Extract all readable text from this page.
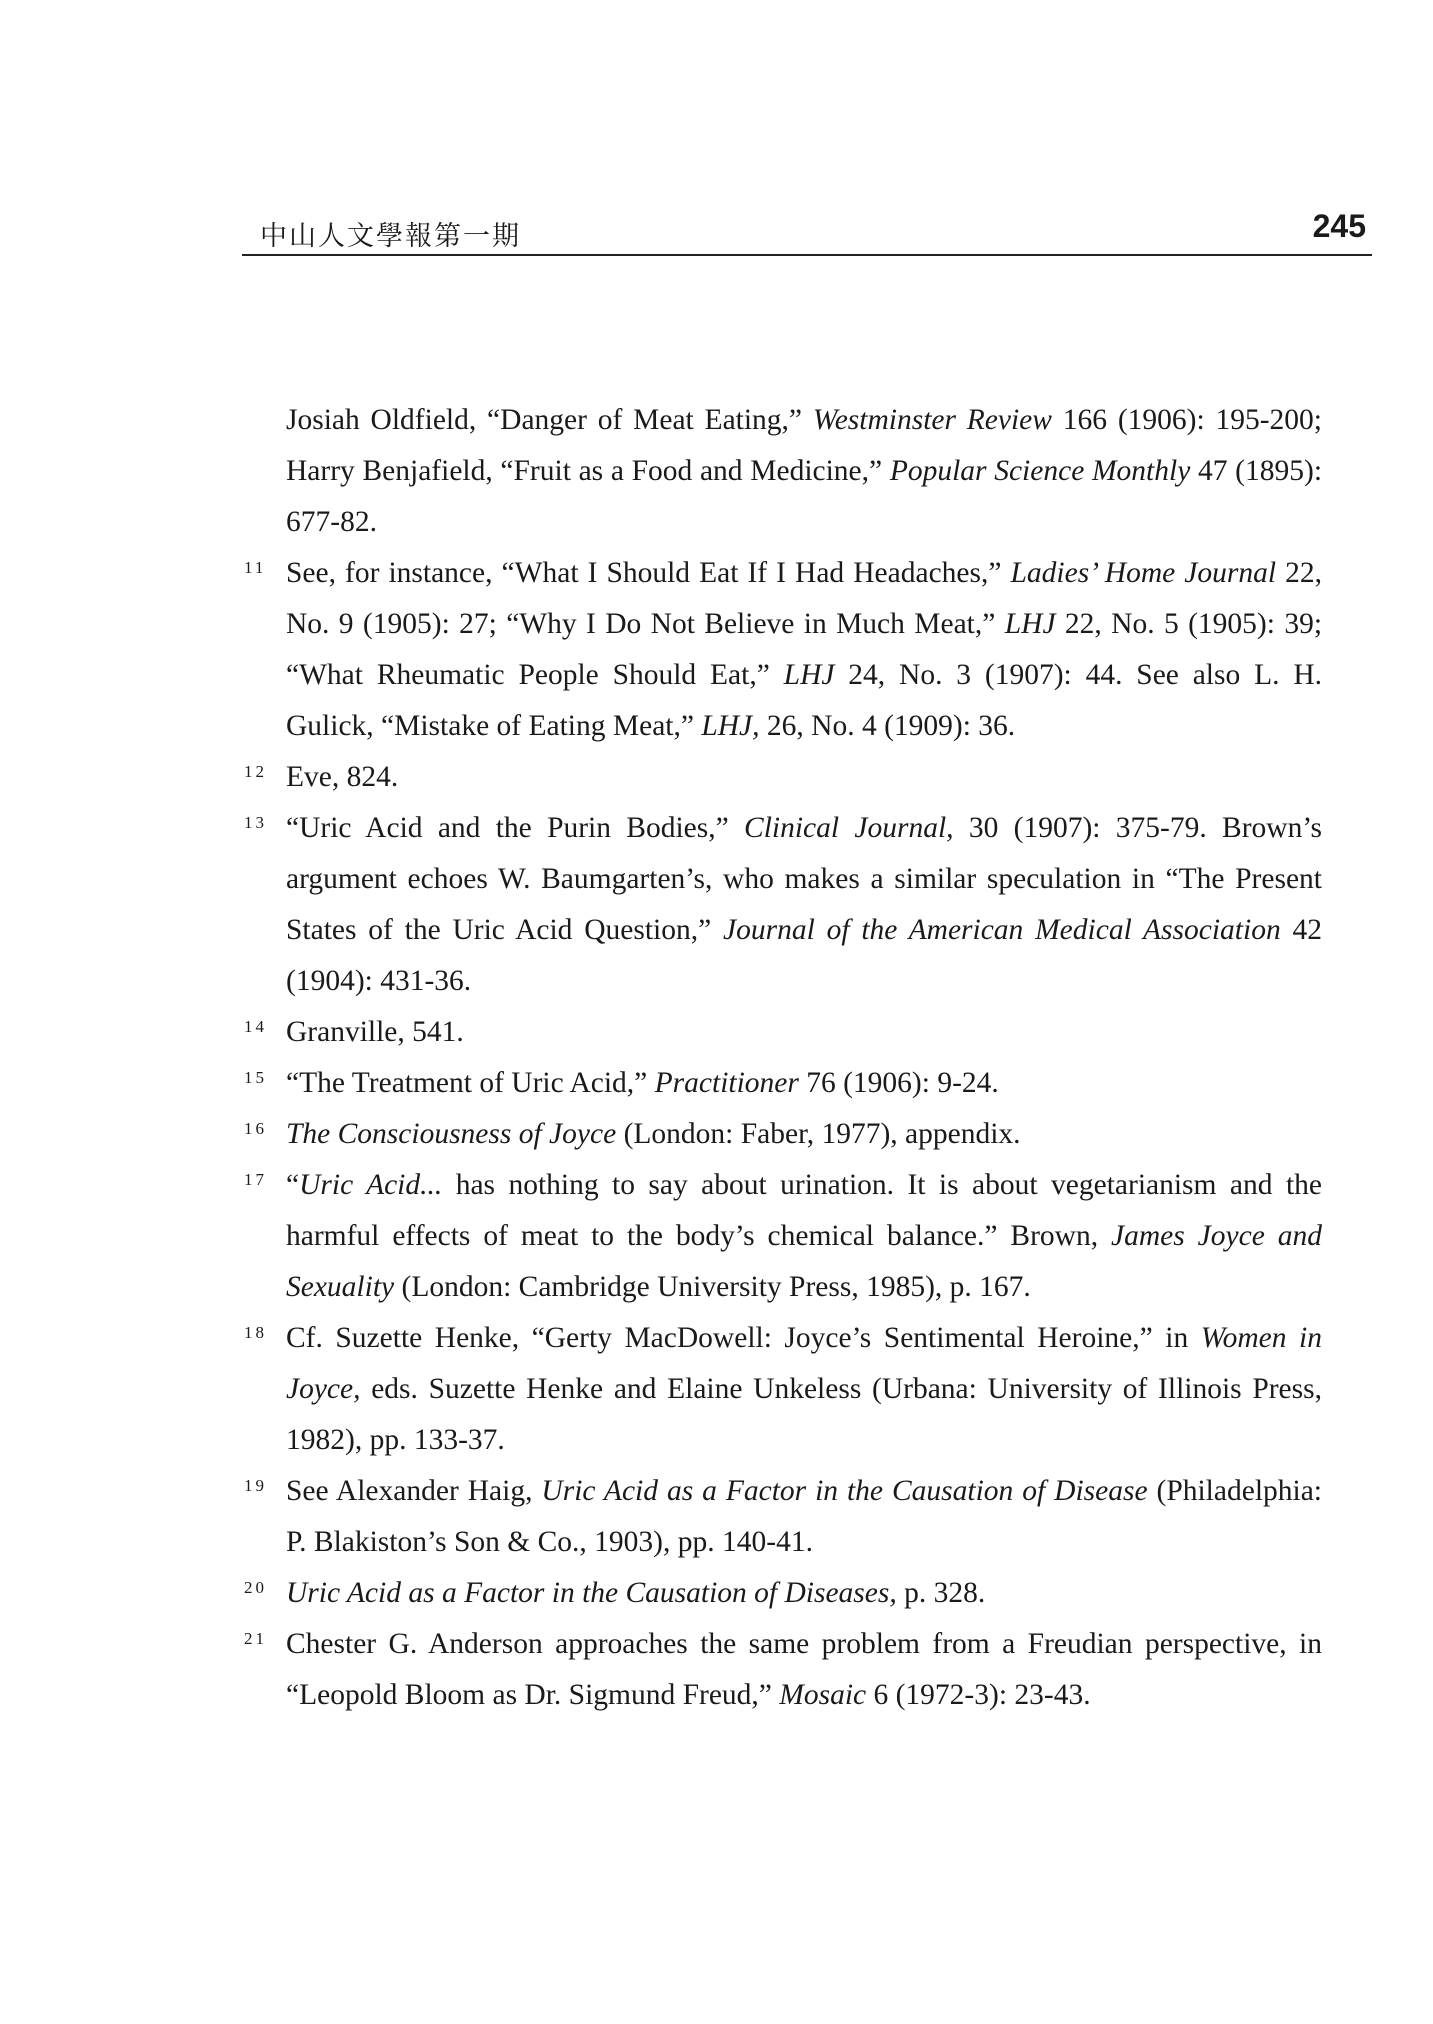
中山人文學報第一期	245
Josiah Oldfield, “Danger of Meat Eating,” Westminster Review 166 (1906): 195-200; Harry Benjafield, “Fruit as a Food and Medicine,” Popular Science Monthly 47 (1895): 677-82.
11 See, for instance, “What I Should Eat If I Had Headaches,” Ladies’ Home Journal 22, No. 9 (1905): 27; “Why I Do Not Believe in Much Meat,” LHJ 22, No. 5 (1905): 39; “What Rheumatic People Should Eat,” LHJ 24, No. 3 (1907): 44. See also L. H. Gulick, “Mistake of Eating Meat,” LHJ, 26, No. 4 (1909): 36.
12 Eve, 824.
13 “Uric Acid and the Purin Bodies,” Clinical Journal, 30 (1907): 375-79. Brown’s argument echoes W. Baumgarten’s, who makes a similar speculation in “The Present States of the Uric Acid Question,” Journal of the American Medical Association 42 (1904): 431-36.
14 Granville, 541.
15 “The Treatment of Uric Acid,” Practitioner 76 (1906): 9-24.
16 The Consciousness of Joyce (London: Faber, 1977), appendix.
17 “Uric Acid... has nothing to say about urination. It is about vegetarianism and the harmful effects of meat to the body’s chemical balance.” Brown, James Joyce and Sexuality (London: Cambridge University Press, 1985), p. 167.
18 Cf. Suzette Henke, “Gerty MacDowell: Joyce’s Sentimental Heroine,” in Women in Joyce, eds. Suzette Henke and Elaine Unkeless (Urbana: University of Illinois Press, 1982), pp. 133-37.
19 See Alexander Haig, Uric Acid as a Factor in the Causation of Disease (Philadelphia: P. Blakiston’s Son & Co., 1903), pp. 140-41.
20 Uric Acid as a Factor in the Causation of Diseases, p. 328.
21 Chester G. Anderson approaches the same problem from a Freudian perspective, in “Leopold Bloom as Dr. Sigmund Freud,” Mosaic 6 (1972-3): 23-43.
